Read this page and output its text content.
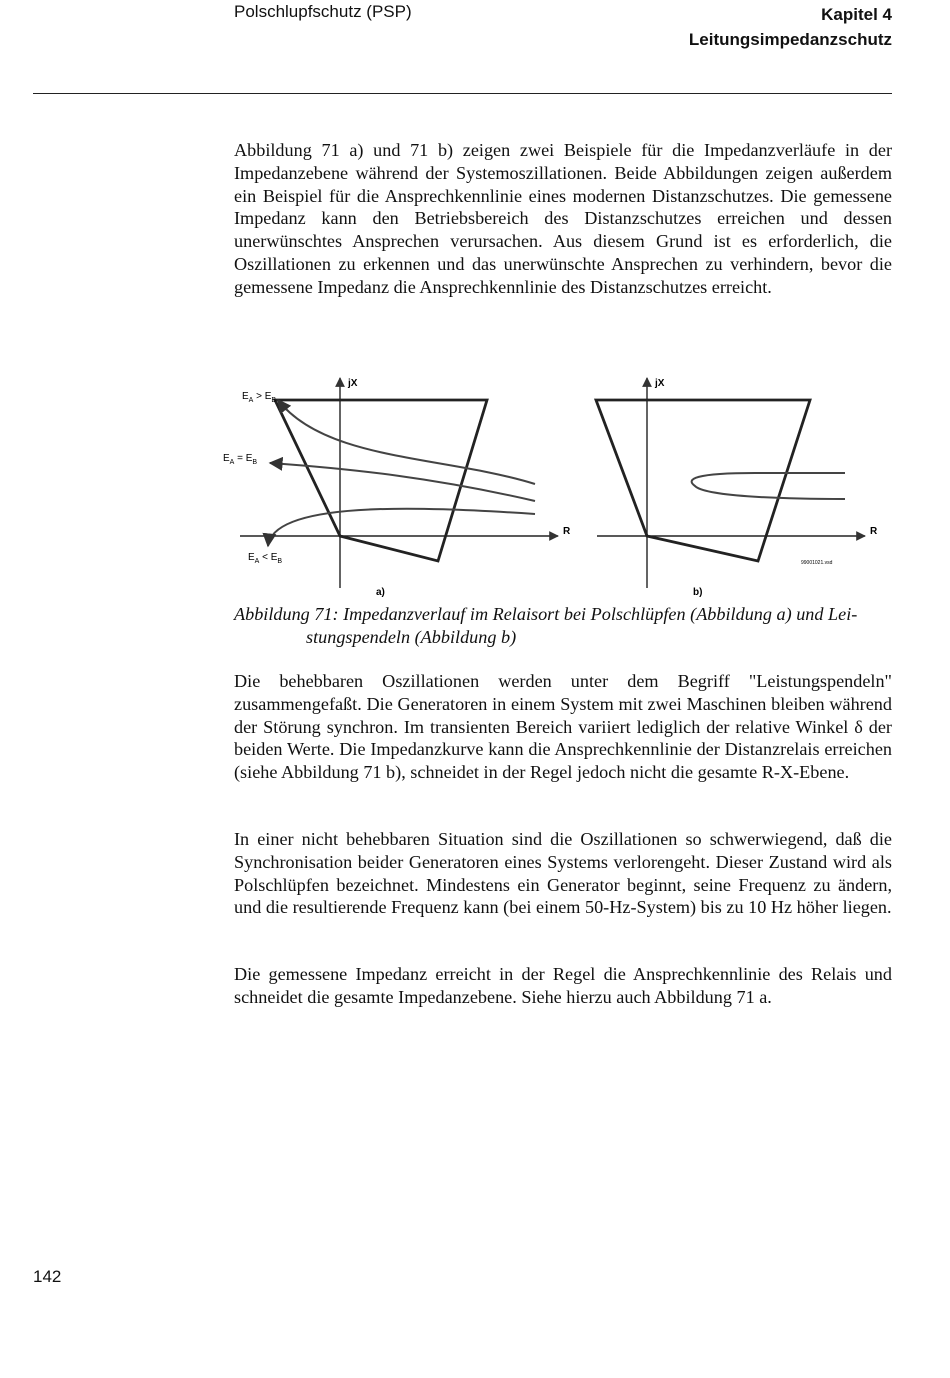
Polschlupfschutz (PSP)	Kapitel 4
Leitungsimpedanzschutz

Abbildung 71 a) und 71 b) zeigen zwei Beispiele für die Impedanzverläufe in der Impedanzebene während der Systemoszillationen. Beide Abbildungen zeigen außerdem ein Beispiel für die Ansprechkennlinie eines modernen Distanzschutzes. Die gemessene Impedanz kann den Betriebsbereich des Distanzschutzes erreichen und dessen unerwünschtes Ansprechen verursachen. Aus diesem Grund ist es erforderlich, die Oszillationen zu erkennen und das unerwünschte Ansprechen zu verhindern, bevor die gemessene Impedanz die Ansprechkennlinie des Distanzschutzes erreicht.

jX
R
a)
$E_A > E_B$
$E_A = E_B$
$E_A < E_B$
jX
R
b)
99001021.vsd
Abbildung 71: Impedanzverlauf im Relaisort bei Polschlüpfen (Abbildung a) und Lei-
stungspendeln (Abbildung b)

Die behebbaren Oszillationen werden unter dem Begriff "Leistungspendeln" zusammengefaßt. Die Generatoren in einem System mit zwei Maschinen bleiben während der Störung synchron. Im transienten Bereich variiert lediglich der relative Winkel δ der beiden Werte. Die Impedanzkurve kann die Ansprechkennlinie der Distanzrelais erreichen (siehe Abbildung 71 b), schneidet in der Regel jedoch nicht die gesamte R-X-Ebene.

In einer nicht behebbaren Situation sind die Oszillationen so schwerwiegend, daß die Synchronisation beider Generatoren eines Systems verlorengeht. Dieser Zustand wird als Polschlüpfen bezeichnet. Mindestens ein Generator beginnt, seine Frequenz zu ändern, und die resultierende Frequenz kann (bei einem 50-Hz-System) bis zu 10 Hz höher liegen.

Die gemessene Impedanz erreicht in der Regel die Ansprechkennlinie des Relais und schneidet die gesamte Impedanzebene. Siehe hierzu auch Abbildung 71 a.

142
